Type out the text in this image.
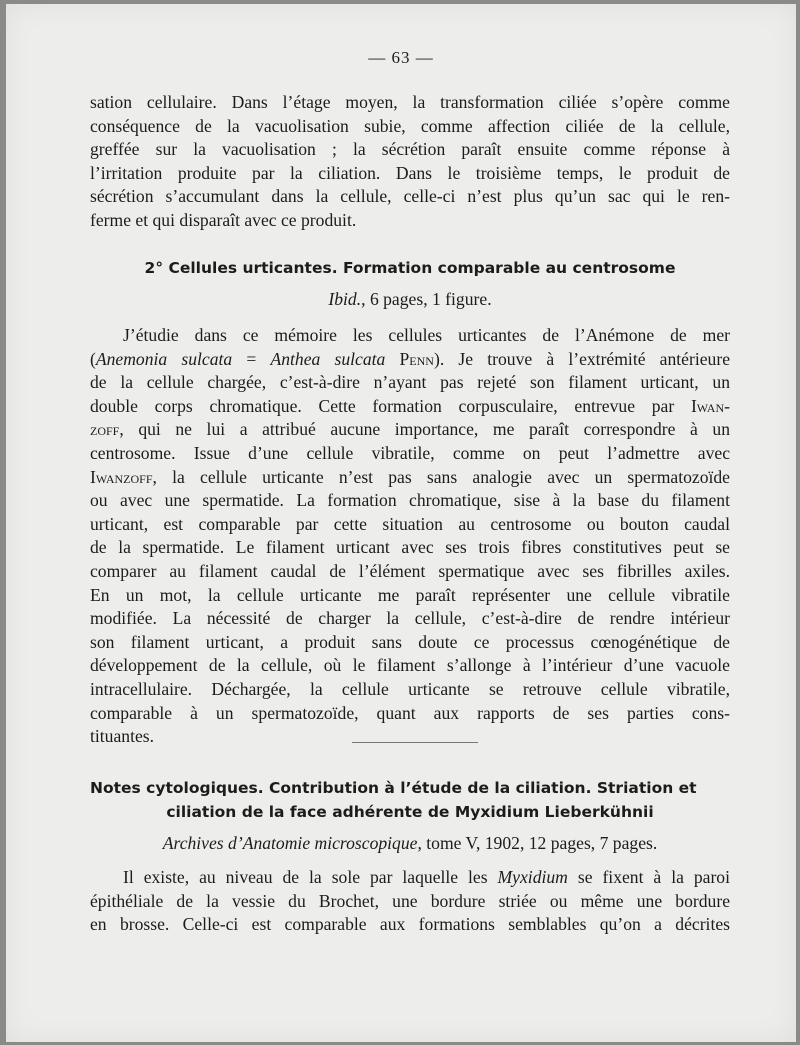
— 63 —
sation cellulaire. Dans l’étage moyen, la transformation ciliée s’opère comme
conséquence de la vacuolisation subie, comme affection ciliée de la cellule,
greffée sur la vacuolisation ; la sécrétion paraît ensuite comme réponse à
l’irritation produite par la ciliation. Dans le troisième temps, le produit de
sécrétion s’accumulant dans la cellule, celle-ci n’est plus qu’un sac qui le ren-
ferme et qui disparaît avec ce produit.
2° Cellules urticantes. Formation comparable au centrosome
Ibid., 6 pages, 1 figure.
J’étudie dans ce mémoire les cellules urticantes de l’Anémone de mer
(Anemonia sulcata = Anthea sulcata Penn). Je trouve à l’extrémité antérieure
de la cellule chargée, c’est-à-dire n’ayant pas rejeté son filament urticant, un
double corps chromatique. Cette formation corpusculaire, entrevue par Iwan-
zoff, qui ne lui a attribué aucune importance, me paraît correspondre à un
centrosome. Issue d’une cellule vibratile, comme on peut l’admettre avec
Iwanzoff, la cellule urticante n’est pas sans analogie avec un spermatozoïde
ou avec une spermatide. La formation chromatique, sise à la base du filament
urticant, est comparable par cette situation au centrosome ou bouton caudal
de la spermatide. Le filament urticant avec ses trois fibres constitutives peut se
comparer au filament caudal de l’élément spermatique avec ses fibrilles axiles.
En un mot, la cellule urticante me paraît représenter une cellule vibratile
modifiée. La nécessité de charger la cellule, c’est-à-dire de rendre intérieur
son filament urticant, a produit sans doute ce processus cœnogénétique de
développement de la cellule, où le filament s’allonge à l’intérieur d’une vacuole
intracellulaire. Déchargée, la cellule urticante se retrouve cellule vibratile,
comparable à un spermatozoïde, quant aux rapports de ses parties cons-
tituantes.
Notes cytologiques. Contribution à l’étude de la ciliation. Striation et
ciliation de la face adhérente de Myxidium Lieberkühnii
Archives d’Anatomie microscopique, tome V, 1902, 12 pages, 7 pages.
Il existe, au niveau de la sole par laquelle les Myxidium se fixent à la paroi
épithéliale de la vessie du Brochet, une bordure striée ou même une bordure
en brosse. Celle-ci est comparable aux formations semblables qu’on a décrites
